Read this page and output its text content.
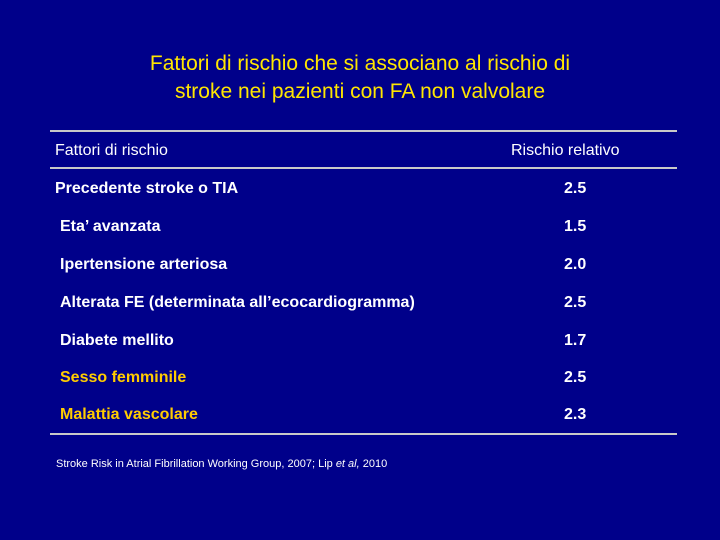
Fattori di rischio che si associano al rischio di
stroke nei pazienti con FA non valvolare
Fattori di rischio	Rischio relativo
Precedente stroke o TIA	2.5
Eta’ avanzata	1.5
Ipertensione arteriosa	2.0
Alterata FE (determinata all’ecocardiogramma)	2.5
Diabete mellito	1.7
Sesso femminile	2.5
Malattia vascolare	2.3
Stroke Risk in Atrial Fibrillation Working Group, 2007; Lip et al, 2010
